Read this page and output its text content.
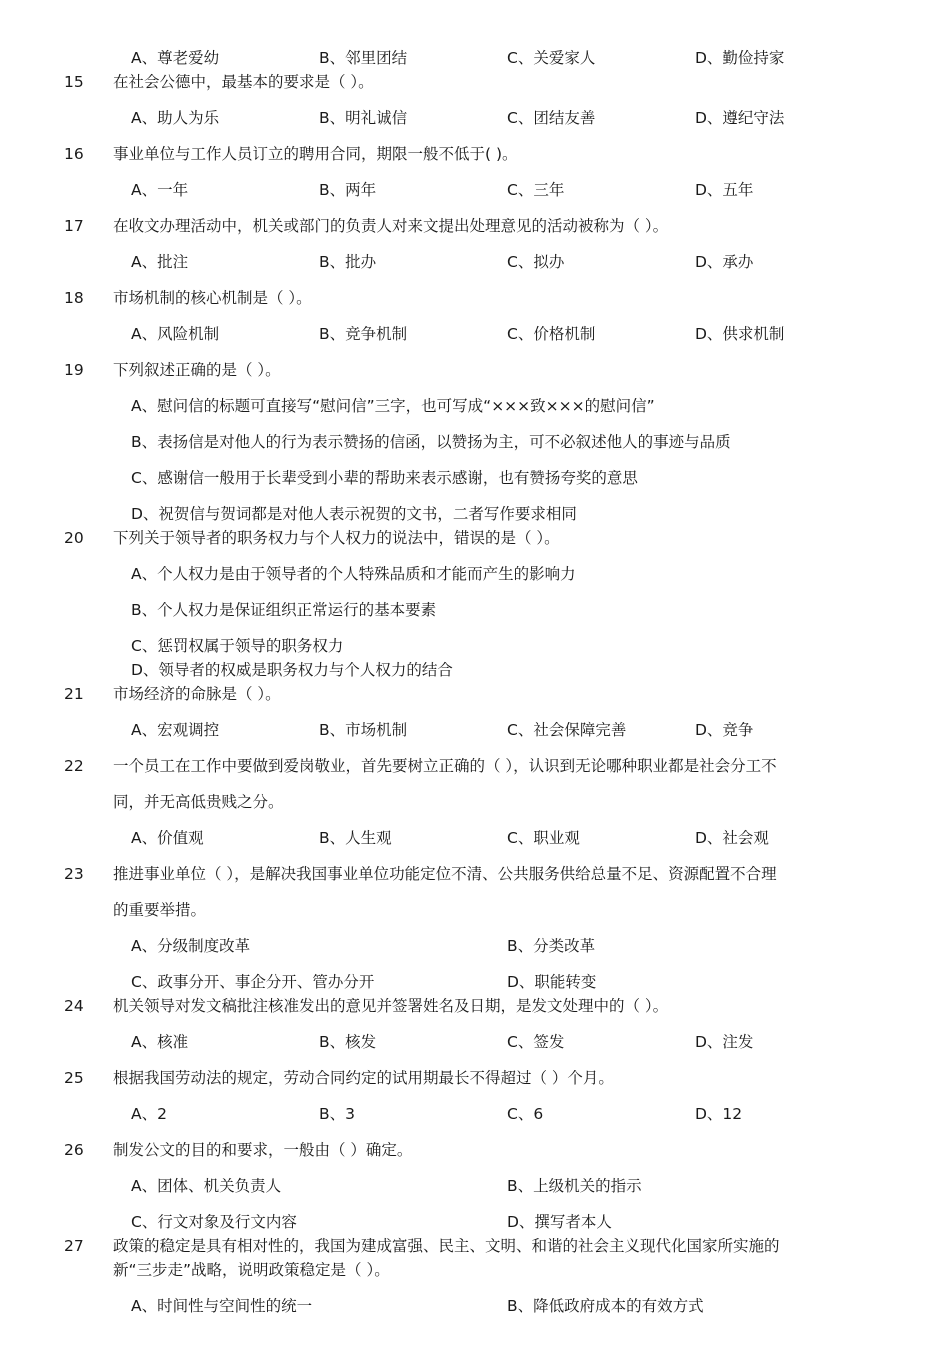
A、尊老爱幼	B、邻里团结	C、关爱家人	D、勤俭持家
15	在社会公德中，最基本的要求是（ ）。
A、助人为乐	B、明礼诚信	C、团结友善	D、遵纪守法
16	事业单位与工作人员订立的聘用合同，期限一般不低于( )。
A、一年	B、两年	C、三年	D、五年
17	在收文办理活动中，机关或部门的负责人对来文提出处理意见的活动被称为（ ）。
A、批注	B、批办	C、拟办	D、承办
18	市场机制的核心机制是（ ）。
A、风险机制	B、竞争机制	C、价格机制	D、供求机制
19	下列叙述正确的是（ ）。
A、慰问信的标题可直接写“慰问信”三字，也可写成“×××致×××的慰问信”
B、表扬信是对他人的行为表示赞扬的信函，以赞扬为主，可不必叙述他人的事迹与品质
C、感谢信一般用于长辈受到小辈的帮助来表示感谢，也有赞扬夸奖的意思
D、祝贺信与贺词都是对他人表示祝贺的文书，二者写作要求相同
20	下列关于领导者的职务权力与个人权力的说法中，错误的是（ ）。
A、个人权力是由于领导者的个人特殊品质和才能而产生的影响力
B、个人权力是保证组织正常运行的基本要素
C、惩罚权属于领导的职务权力
D、领导者的权威是职务权力与个人权力的结合
21	市场经济的命脉是（ ）。
A、宏观调控	B、市场机制	C、社会保障完善	D、竞争
22	一个员工在工作中要做到爱岗敬业，首先要树立正确的（ ），认识到无论哪种职业都是社会分工不
同，并无高低贵贱之分。
A、价值观	B、人生观	C、职业观	D、社会观
23	推进事业单位（ ），是解决我国事业单位功能定位不清、公共服务供给总量不足、资源配置不合理
的重要举措。
A、分级制度改革	B、分类改革
C、政事分开、事企分开、管办分开	D、职能转变
24	机关领导对发文稿批注核准发出的意见并签署姓名及日期，是发文处理中的（ ）。
A、核准	B、核发	C、签发	D、注发
25	根据我国劳动法的规定，劳动合同约定的试用期最长不得超过（ ）个月。
A、2	B、3	C、6	D、12
26	制发公文的目的和要求，一般由（ ）确定。
A、团体、机关负责人	B、上级机关的指示
C、行文对象及行文内容	D、撰写者本人
27	政策的稳定是具有相对性的，我国为建成富强、民主、文明、和谐的社会主义现代化国家所实施的
新“三步走”战略，说明政策稳定是（ ）。
A、时间性与空间性的统一	B、降低政府成本的有效方式
